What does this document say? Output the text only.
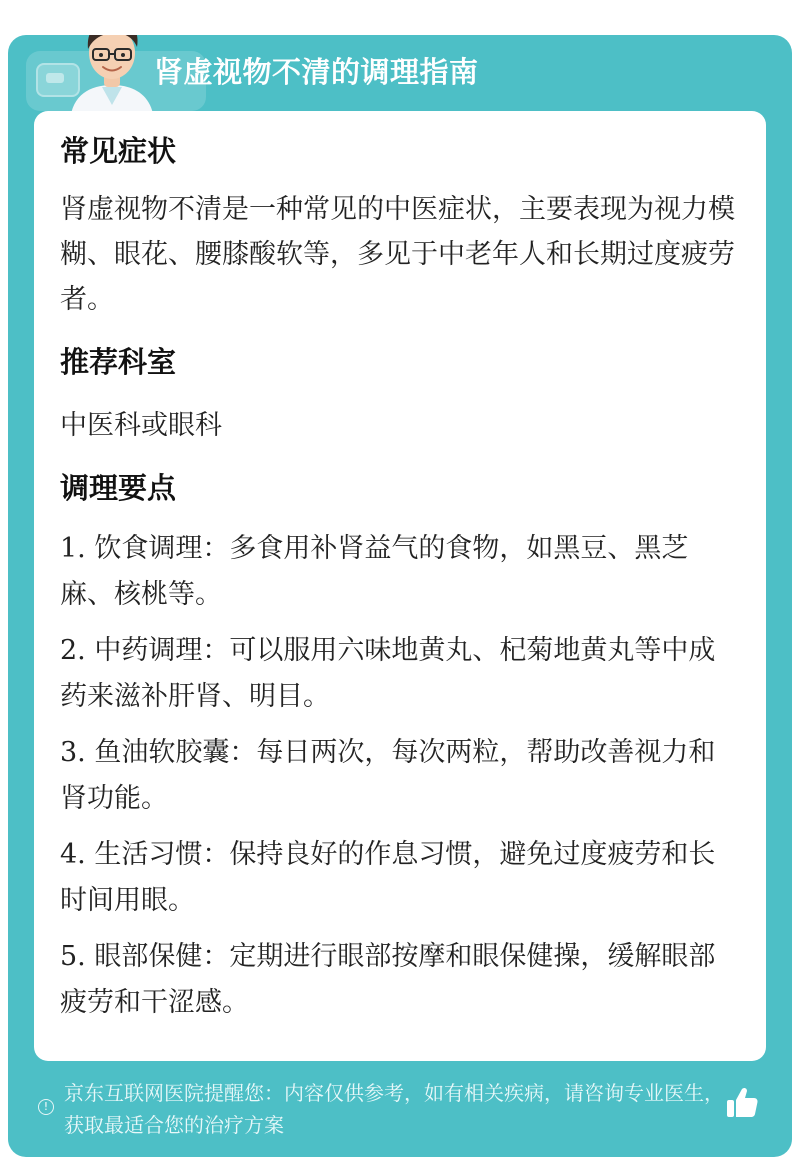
肾虚视物不清的调理指南
常见症状

肾虚视物不清是一种常见的中医症状，主要表现为视力模糊、眼花、腰膝酸软等，多见于中老年人和长期过度疲劳者。

推荐科室

中医科或眼科

调理要点
1. 饮食调理：多食用补肾益气的食物，如黑豆、黑芝麻、核桃等。
2. 中药调理：可以服用六味地黄丸、杞菊地黄丸等中成药来滋补肝肾、明目。
3. 鱼油软胶囊：每日两次，每次两粒，帮助改善视力和肾功能。
4. 生活习惯：保持良好的作息习惯，避免过度疲劳和长时间用眼。
5. 眼部保健：定期进行眼部按摩和眼保健操，缓解眼部疲劳和干涩感。
!
京东互联网医院提醒您：内容仅供参考，如有相关疾病，请咨询专业医生，获取最适合您的治疗方案
